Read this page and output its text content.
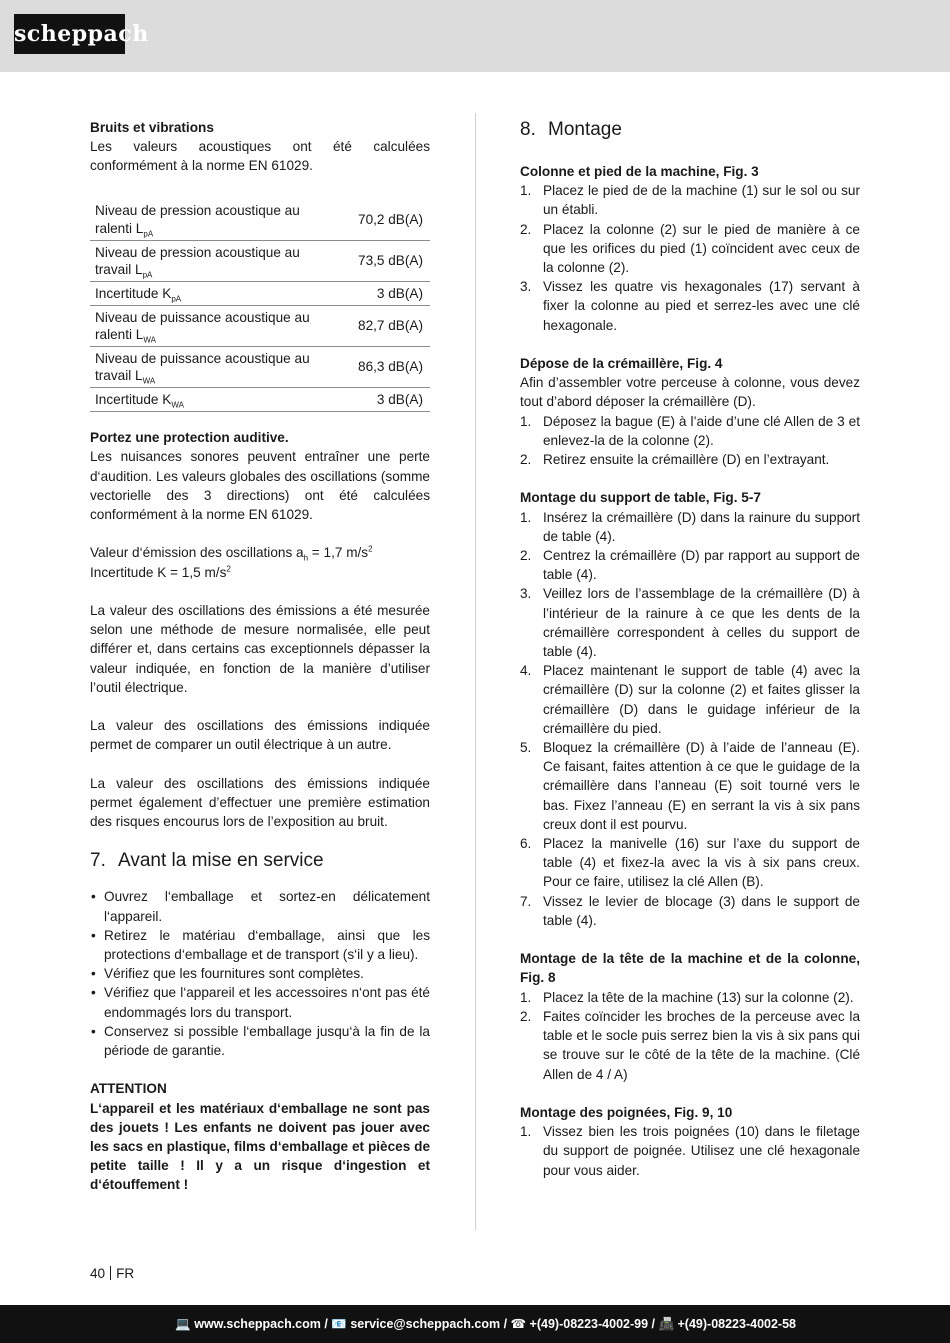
scheppach
Bruits et vibrations
Les valeurs acoustiques ont été calculées conformément à la norme EN 61029.
Niveau de pression acoustique au ralenti $L_{pA}$	70,2 dB(A)
Niveau de pression acoustique au travail $L_{pA}$	73,5 dB(A)
Incertitude $K_{pA}$	3 dB(A)
Niveau de puissance acoustique au ralenti $L_{WA}$	82,7 dB(A)
Niveau de puissance acoustique au travail $L_{WA}$	86,3 dB(A)
Incertitude $K_{WA}$	3 dB(A)
Portez une protection auditive.
Les nuisances sonores peuvent entraîner une perte d‘audition. Les valeurs globales des oscillations (somme vectorielle des 3 directions) ont été calculées conformément à la norme EN 61029.
Valeur d‘émission des oscillations $a_h = 1,7$ $m/s^2$
Incertitude K = 1,5 $m/s^2$
La valeur des oscillations des émissions a été mesurée selon une méthode de mesure normalisée, elle peut différer et, dans certains cas exceptionnels dépasser la valeur indiquée, en fonction de la manière d’utiliser l’outil électrique.
La valeur des oscillations des émissions indiquée permet de comparer un outil électrique à un autre.
La valeur des oscillations des émissions indiquée permet également d’effectuer une première estimation des risques encourus lors de l’exposition au bruit.
7. Avant la mise en service
• Ouvrez l‘emballage et sortez-en délicatement l‘appareil.
• Retirez le matériau d‘emballage, ainsi que les protections d‘emballage et de transport (s‘il y a lieu).
• Vérifiez que les fournitures sont complètes.
• Vérifiez que l‘appareil et les accessoires n‘ont pas été endommagés lors du transport.
• Conservez si possible l‘emballage jusqu‘à la fin de la période de garantie.
ATTENTION
L‘appareil et les matériaux d‘emballage ne sont pas des jouets ! Les enfants ne doivent pas jouer avec les sacs en plastique, films d‘emballage et pièces de petite taille ! Il y a un risque d‘ingestion et d‘étouffement !
8. Montage
Colonne et pied de la machine, Fig. 3
1. Placez le pied de de la machine (1) sur le sol ou sur un établi.
2. Placez la colonne (2) sur le pied de manière à ce que les orifices du pied (1) coïncident avec ceux de la colonne (2).
3. Vissez les quatre vis hexagonales (17) servant à fixer la colonne au pied et serrez-les avec une clé hexagonale.
Dépose de la crémaillère, Fig. 4
Afin d’assembler votre perceuse à colonne, vous devez tout d’abord déposer la crémaillère (D).
1. Déposez la bague (E) à l’aide d’une clé Allen de 3 et enlevez-la de la colonne (2).
2. Retirez ensuite la crémaillère (D) en l’extrayant.
Montage du support de table, Fig. 5-7
1. Insérez la crémaillère (D) dans la rainure du support de table (4).
2. Centrez la crémaillère (D) par rapport au support de table (4).
3. Veillez lors de l’assemblage de la crémaillère (D) à l’intérieur de la rainure à ce que les dents de la crémaillère correspondent à celles du support de table (4).
4. Placez maintenant le support de table (4) avec la crémaillère (D) sur la colonne (2) et faites glisser la crémaillère (D) dans le guidage inférieur de la crémaillère du pied.
5. Bloquez la crémaillère (D) à l’aide de l’anneau (E). Ce faisant, faites attention à ce que le guidage de la crémaillère dans l’anneau (E) soit tourné vers le bas. Fixez l’anneau (E) en serrant la vis à six pans creux dont il est pourvu.
6. Placez la manivelle (16) sur l’axe du support de table (4) et fixez-la avec la vis à six pans creux. Pour ce faire, utilisez la clé Allen (B).
7. Vissez le levier de blocage (3) dans le support de table (4).
Montage de la tête de la machine et de la colonne, Fig. 8
1. Placez la tête de la machine (13) sur la colonne (2).
2. Faites coïncider les broches de la perceuse avec la table et le socle puis serrez bien la vis à six pans qui se trouve sur le côté de la tête de la machine. (Clé Allen de 4 / A)
Montage des poignées, Fig. 9, 10
1. Vissez bien les trois poignées (10) dans le filetage du support de poignée. Utilisez une clé hexagonale pour vous aider.
40 FR
💻 www.scheppach.com / 📧 service@scheppach.com / ☎ +(49)-08223-4002-99 / 📠 +(49)-08223-4002-58
